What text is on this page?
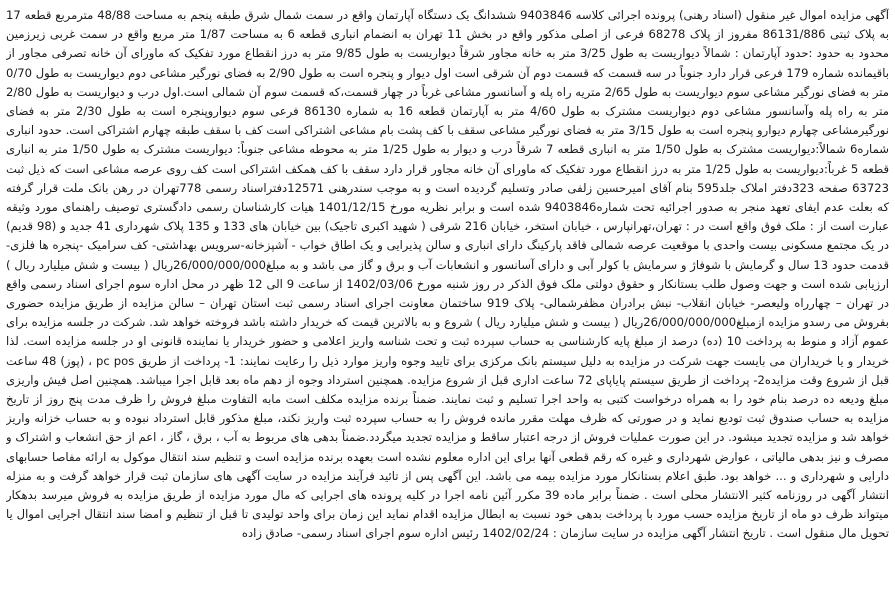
آگهی مزایده اموال غیر منقول (اسناد رهنی) پرونده اجرائی کلاسه 9403846 ششدانگ یک دستگاه آپارتمان واقع در سمت شمال شرق طبقه پنجم به مساحت 48/88 مترمربع قطعه 17 به پلاک ثبتی 86131/886 مفروز از پلاک 68278 فرعی از اصلی مذکور واقع در بخش 11 تهران به انضمام انباری قطعه 6 به مساحت 1/87 متر مربع واقع در سمت غربی زیرزمین محدود به حدود :حدود آپارتمان : شمالاً دیواریست به طول 3/25 متر به خانه مجاور شرقاً دیواریست به طول 9/85 متر به درز انقطاع مورد تفکیک که ماورای آن خانه تصرفی مجاور از باقیمانده شماره 179 فرعی قرار دارد جنوباً در سه قسمت که قسمت دوم آن شرقی است اول دیوار و پنجره است به طول 2/90 به فضای نورگیر مشاعی دوم دیواریست به طول 0/70 متر به فضای نورگیر مشاعی سوم دیواریست به طول 2/65 متریه راه پله و آسانسور مشاعی غرباً در چهار قسمت،که قسمت سوم آن شمالی است.اول درب و دیواریست به طول 2/80 متر به راه پله وآسانسور مشاعی دوم دیواریست مشترک به طول 4/60 متر به آپارتمان قطعه 16 به شماره 86130 فرعی سوم دیواروپنجره است به طول 2/30 متر به فضای نورگیرمشاعی چهارم دیوارو پنجره است به طول 3/15 متر به فضای نورگیر مشاعی سقف با کف پشت بام مشاعی اشتراکی است کف با سقف طبقه چهارم اشتراکی است. حدود انباری شماره6 شمالاً:دیواریست مشترک به طول 1/50 متر به انباری قطعه 7 شرقاً درب و دیوار به طول 1/25 متر به محوطه مشاعی جنوباً: دیواریست مشترک به طول 1/50 متر به انباری قطعه 5 غرباً:دیواریست به طول 1/25 متر به درز انقطاع مورد تفکیک که ماورای آن خانه مجاور قرار دارد سقف با کف همکف اشتراکی است کف روی عرصه مشاعی است که ذیل ثبت 63723 صفحه 323دفتر املاک جلد595 بنام آقای امیرحسین زلفی صادر وتسلیم گردیده است و به موجب سندرهنی 12571دفتراسناد رسمی 778تهران در رهن بانک ملت قرار گرفته که بعلت عدم ایفای تعهد منجر به صدور اجرائیه تحت شماره9403846 شده است و برابر نظریه مورخ 1401/12/15 هیات کارشناسان رسمی دادگستری توصیف راهنمای مورد وثیقه عبارت است از : ملک فوق واقع است در : تهران،تهرانپارس ، خیابان استخر، خیابان 216 شرقی ( شهید اکبری تاجیک) بین خیابان های 133 و 135 پلاک شهرداری 41 جدید و (98 قدیم) در یک مجتمع مسکونی بیست واحدی با موقعیت عرصه شمالی فاقد پارکینگ دارای انباری و سالن پذیرایی و یک اطاق خواب - آشپزخانه-سرویس بهداشتی- کف سرامیک -پنجره ها فلزی-قدمت حدود 13 سال و گرمایش با شوفاژ و سرمایش با کولر آبی و دارای آسانسور و انشعابات آب و برق و گاز می باشد و به مبلغ26/000/000/000ریال ( بیست و شش میلیارد ریال ) ارزیابی شده است و جهت وصول طلب بستانکار و حقوق دولتی ملک فوق الذکر در روز شنبه مورخ 1402/03/06 از ساعت 9 الی 12 ظهر در محل اداره سوم اجرای اسناد رسمی واقع در تهران – چهارراه ولیعصر- خیابان انقلاب- نبش برادران مظفرشمالی- پلاک 919 ساختمان معاونت اجرای اسناد رسمی ثبت استان تهران – سالن مزایده از طریق مزایده حضوری بفروش می رسدو مزایده ازمبلغ26/000/000/000ریال ( بیست و شش میلیارد ریال ) شروع و به بالاترین قیمت که خریدار داشته باشد فروخته خواهد شد. شرکت در جلسه مزایده برای عموم آزاد و منوط به پرداخت 10 (ده) درصد از مبلغ پایه کارشناسی به حساب سپرده ثبت و تحت شناسه واریز اعلامی و حضور خریدار یا نماینده قانونی او در جلسه مزایده است. لذا خریدار و یا خریداران می بایست جهت شرکت در مزایده به دلیل سیستم بانک مرکزی برای تایید وجوه واریز موارد ذیل را رعایت نمایند: 1- پرداخت از طریق pc pos ، (پوز) 48 ساعت قبل از شروع وقت مزایده2- پرداخت از طریق سیستم پایاپای 72 ساعت اداری قبل از شروع مزایده. همچنین استرداد وجوه از دهم ماه بعد قابل اجرا میباشد. همچنین اصل فیش واریزی مبلغ ودیعه ده درصد بنام خود را به همراه درخواست کتبی به واحد اجرا تسلیم و ثبت نمایند. ضمناً برنده مزایده مکلف است مابه التفاوت مبلغ فروش را ظرف مدت پنج روز از تاریخ مزایده به حساب صندوق ثبت تودیع نماید و در صورتی که ظرف مهلت مقرر مانده فروش را به حساب سپرده ثبت واریز نکند، مبلغ مذکور قابل استرداد نبوده و به حساب خزانه واریز خواهد شد و مزایده تجدید میشود. در این صورت عملیات فروش از درجه اعتبار ساقط و مزایده تجدید میگردد.ضمناً بدهی های مربوط به آب ، برق ، گاز ، اعم از حق انشعاب و اشتراک و مصرف و نیز بدهی مالیاتی ، عوارض شهرداری و غیره که رقم قطعی آنها برای این اداره معلوم نشده است بعهده برنده مزایده است و تنظیم سند انتقال موکول به ارائه مفاصا حسابهای دارایی و شهرداری و ... خواهد بود. طبق اعلام بستانکار مورد مزایده بیمه می باشد. این آگهی پس از تائید فرآیند مزایده در سایت آگهی های سازمان ثبت قرار خواهد گرفت و به منزله انتشار آگهی در روزنامه کثیر الانتشار محلی است . ضمناً برابر ماده 39 مکرر آئین نامه اجرا در کلیه پرونده های اجرایی که مال مورد مزایده از طریق مزایده به فروش میرسد بدهکار میتواند ظرف دو ماه از تاریخ مزایده حسب مورد با پرداخت بدهی خود نسبت به ابطال مزایده اقدام نماید این زمان برای واحد تولیدی تا قبل از تنظیم و امضا سند انتقال اجرایی اموال یا تحویل مال منقول است . تاریخ انتشار آگهی مزایده در سایت سازمان : 1402/02/24 رئیس اداره سوم اجرای اسناد رسمی- صادق زاده
